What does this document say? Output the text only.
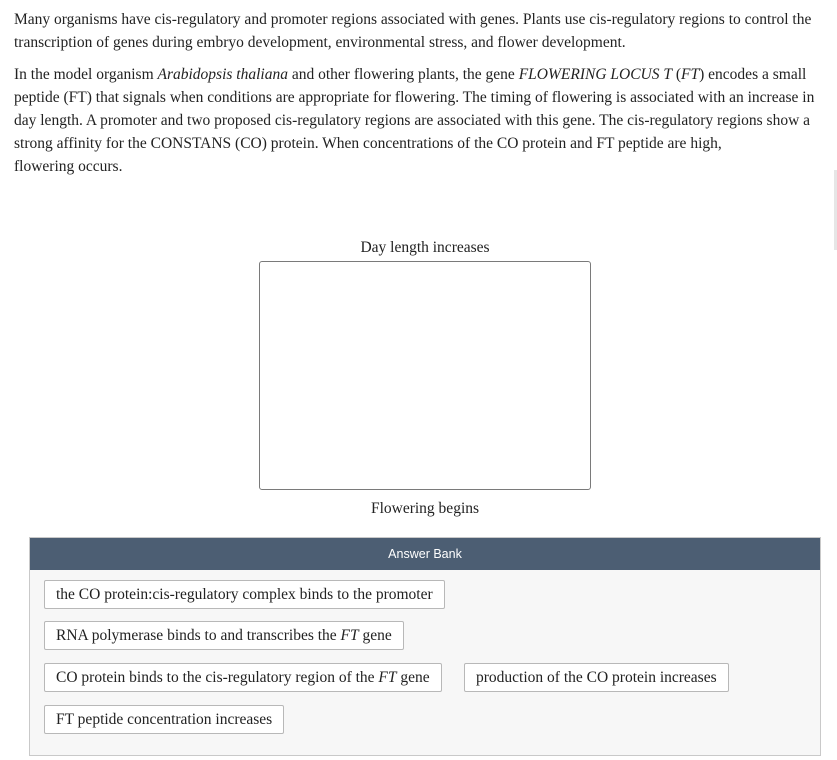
Many organisms have cis-regulatory and promoter regions associated with genes. Plants use cis-regulatory regions to control the transcription of genes during embryo development, environmental stress, and flower development.

In the model organism Arabidopsis thaliana and other flowering plants, the gene FLOWERING LOCUS T (FT) encodes a small peptide (FT) that signals when conditions are appropriate for flowering. The timing of flowering is associated with an increase in day length. A promoter and two proposed cis-regulatory regions are associated with this gene. The cis-regulatory regions show a strong affinity for the CONSTANS (CO) protein. When concentrations of the CO protein and FT peptide are high,
flowering occurs.

Day length increases
Flowering begins
Answer Bank
the CO protein:cis-regulatory complex binds to the promoter
RNA polymerase binds to and transcribes the FT gene
CO protein binds to the cis-regulatory region of the FT gene	production of the CO protein increases
FT peptide concentration increases
